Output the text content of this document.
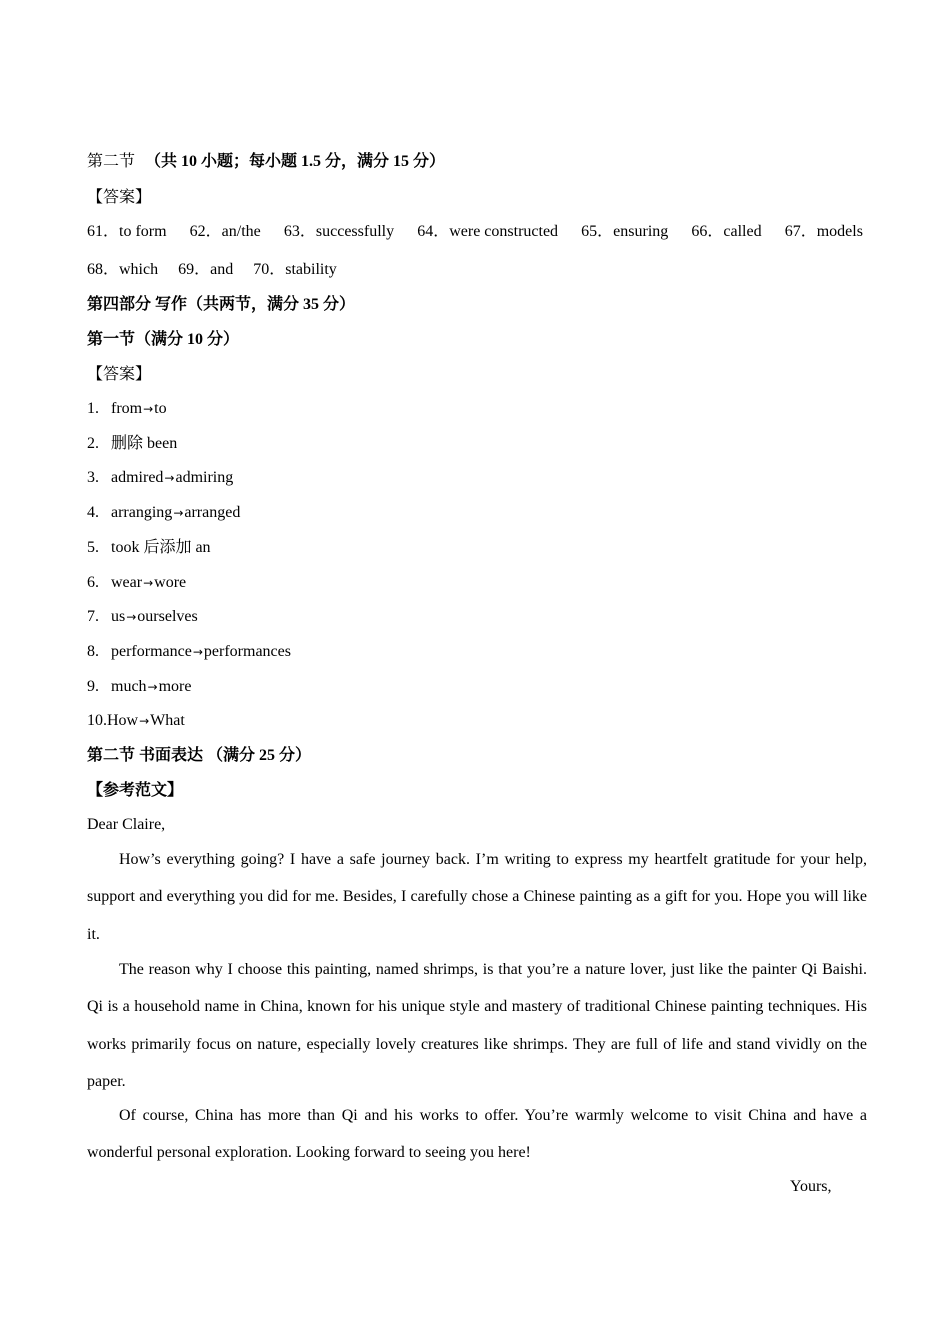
第二节 （共 10 小题；每小题 1.5 分，满分 15 分）
【答案】
61．to form 62．an/the 63．successfully 64．were constructed 65．ensuring 66．called 67．models
68．which 69．and 70．stability
第四部分 写作（共两节，满分 35 分）
第一节（满分 10 分）
【答案】
1. from→to
2. 删除 been
3. admired→admiring
4. arranging→arranged
5. took 后添加 an
6. wear→wore
7. us→ourselves
8. performance→performances
9. much→more
10.How→What
第二节 书面表达 （满分 25 分）
【参考范文】
Dear Claire,
How’s everything going? I have a safe journey back. I’m writing to express my heartfelt gratitude for your help, support and everything you did for me. Besides, I carefully chose a Chinese painting as a gift for you. Hope you will like it.
The reason why I choose this painting, named shrimps, is that you’re a nature lover, just like the painter Qi Baishi. Qi is a household name in China, known for his unique style and mastery of traditional Chinese painting techniques. His works primarily focus on nature, especially lovely creatures like shrimps. They are full of life and stand vividly on the paper.
Of course, China has more than Qi and his works to offer. You’re warmly welcome to visit China and have a wonderful personal exploration. Looking forward to seeing you here!
Yours,
